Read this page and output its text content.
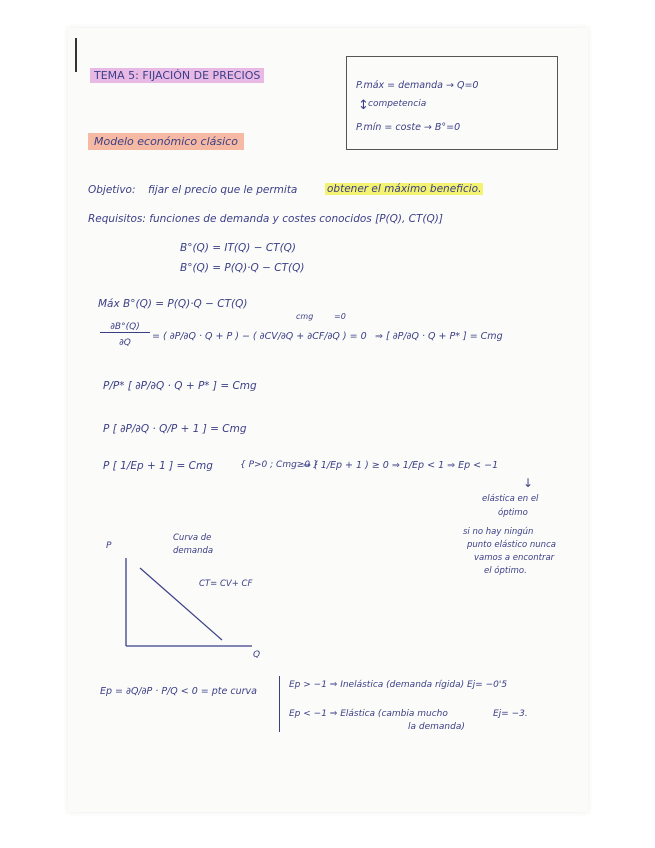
TEMA 5: FIJACIÓN DE PRECIOS
P.máx = demanda → Q=0
competencia
↕
P.mín = coste → B°=0
Modelo económico clásico
Objetivo: fijar el precio que le permita	obtener el máximo beneficio.
Requisitos: funciones de demanda y costes conocidos [P(Q), CT(Q)]
B°(Q) = IT(Q) − CT(Q)
B°(Q) = P(Q)·Q − CT(Q)
Máx B°(Q) = P(Q)·Q − CT(Q)
∂B°(Q)
∂Q
= ( ∂P/∂Q · Q + P ) − ( ∂CV/∂Q + ∂CF/∂Q ) = 0
cmg	=0
⇒ [ ∂P/∂Q · Q + P* ] = Cmg
P/P* [ ∂P/∂Q · Q + P* ] = Cmg
P [ ∂P/∂Q · Q/P + 1 ] = Cmg
P [ 1/Ep + 1 ] = Cmg	{ P>0 ; Cmg≥0 }
⇒ ( 1/Ep + 1 ) ≥ 0 ⇒ 1/Ep < 1 ⇒ Ep < −1
↓
elástica en el
óptimo
si no hay ningún
punto elástico nunca
vamos a encontrar
el óptimo.
P
Q
Curva de
demanda
CT= CV+ CF
Ep = ∂Q/∂P · P/Q < 0 = pte curva
Ep > −1 ⇒ Inelástica (demanda rígida) Ej= −0'5
Ep < −1 ⇒ Elástica (cambia mucho
la demanda)
Ej= −3.
